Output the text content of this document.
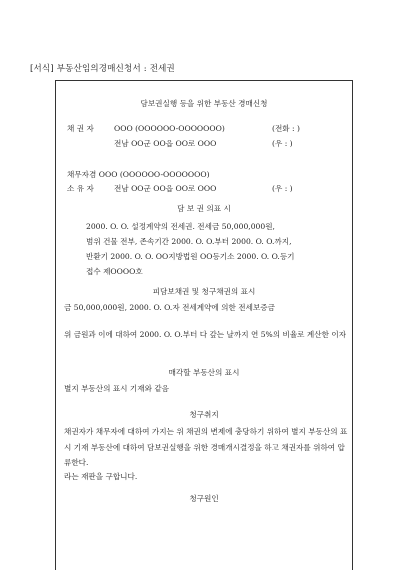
[서식] 부동산임의경매신청서 : 전세권
담보권실행 등을 위한 부동산 경매신청
채 권 자	OOO (OOOOOO-OOOOOOO)	(전화 : )
전남 OO군 OO읍 OO로 OOO	(우 : )
채무자겸 OOO (OOOOOO-OOOOOOO)
소 유 자	전남 OO군 OO읍 OO로 OOO	(우 : )
담 보 권 의표 시
2000. O. O. 설정계약의 전세권. 전세금 50,000,000원,
범위 건물 전부, 존속기간 2000. O. O.부터 2000. O. O.까지,
반환기 2000. O. O. OO지방법원 OO등기소 2000. O. O.등기
접수 제OOOO호
피담보채권 및 청구채권의 표시
금 50,000,000원, 2000. O. O.자 전세계약에 의한 전세보증금
위 금원과 이에 대하여 2000. O. O.부터 다 갚는 날까지 연 5%의 비율로 계산한 이자
매각할 부동산의 표시
별지 부동산의 표시 기재와 같음
청구취지
채권자가 채무자에 대하여 가지는 위 채권의 변제에 충당하기 위하여 별지 부동산의 표시 기재 부동산에 대하여 담보권실행을 위한 경매개시결정을 하고 채권자를 위하여 압류한다.
라는 재판을 구합니다.
청구원인
